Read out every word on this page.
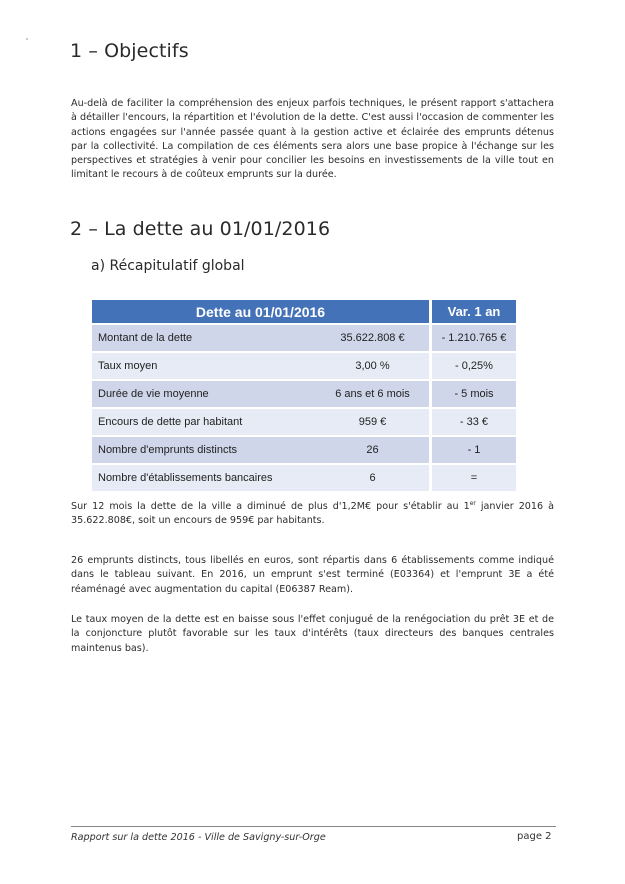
1 – Objectifs

Au-delà de faciliter la compréhension des enjeux parfois techniques, le présent rapport s'attachera à détailler l'encours, la répartition et l'évolution de la dette. C'est aussi l'occasion de commenter les actions engagées sur l'année passée quant à la gestion active et éclairée des emprunts détenus par la collectivité. La compilation de ces éléments sera alors une base propice à l'échange sur les perspectives et stratégies à venir pour concilier les besoins en investissements de la ville tout en limitant le recours à de coûteux emprunts sur la durée.

2 – La dette au 01/01/2016
a) Récapitulatif global
Dette au 01/01/2016		Var. 1 an
Montant de la dette	35.622.808 €	- 1.210.765 €
Taux moyen	3,00 %	- 0,25%
Durée de vie moyenne	6 ans et 6 mois	- 5 mois
Encours de dette par habitant	959 €	- 33 €
Nombre d'emprunts distincts	26	- 1
Nombre d'établissements bancaires	6	=

Sur 12 mois la dette de la ville a diminué de plus d'1,2M€ pour s'établir au 1er janvier 2016 à 35.622.808€, soit un encours de 959€ par habitants.

26 emprunts distincts, tous libellés en euros, sont répartis dans 6 établissements comme indiqué dans le tableau suivant. En 2016, un emprunt s'est terminé (E03364) et l'emprunt 3E a été réaménagé avec augmentation du capital (E06387 Ream).

Le taux moyen de la dette est en baisse sous l'effet conjugué de la renégociation du prêt 3E et de la conjoncture plutôt favorable sur les taux d'intérêts (taux directeurs des banques centrales maintenus bas).

Rapport sur la dette 2016 - Ville de Savigny-sur-Orge	page 2
